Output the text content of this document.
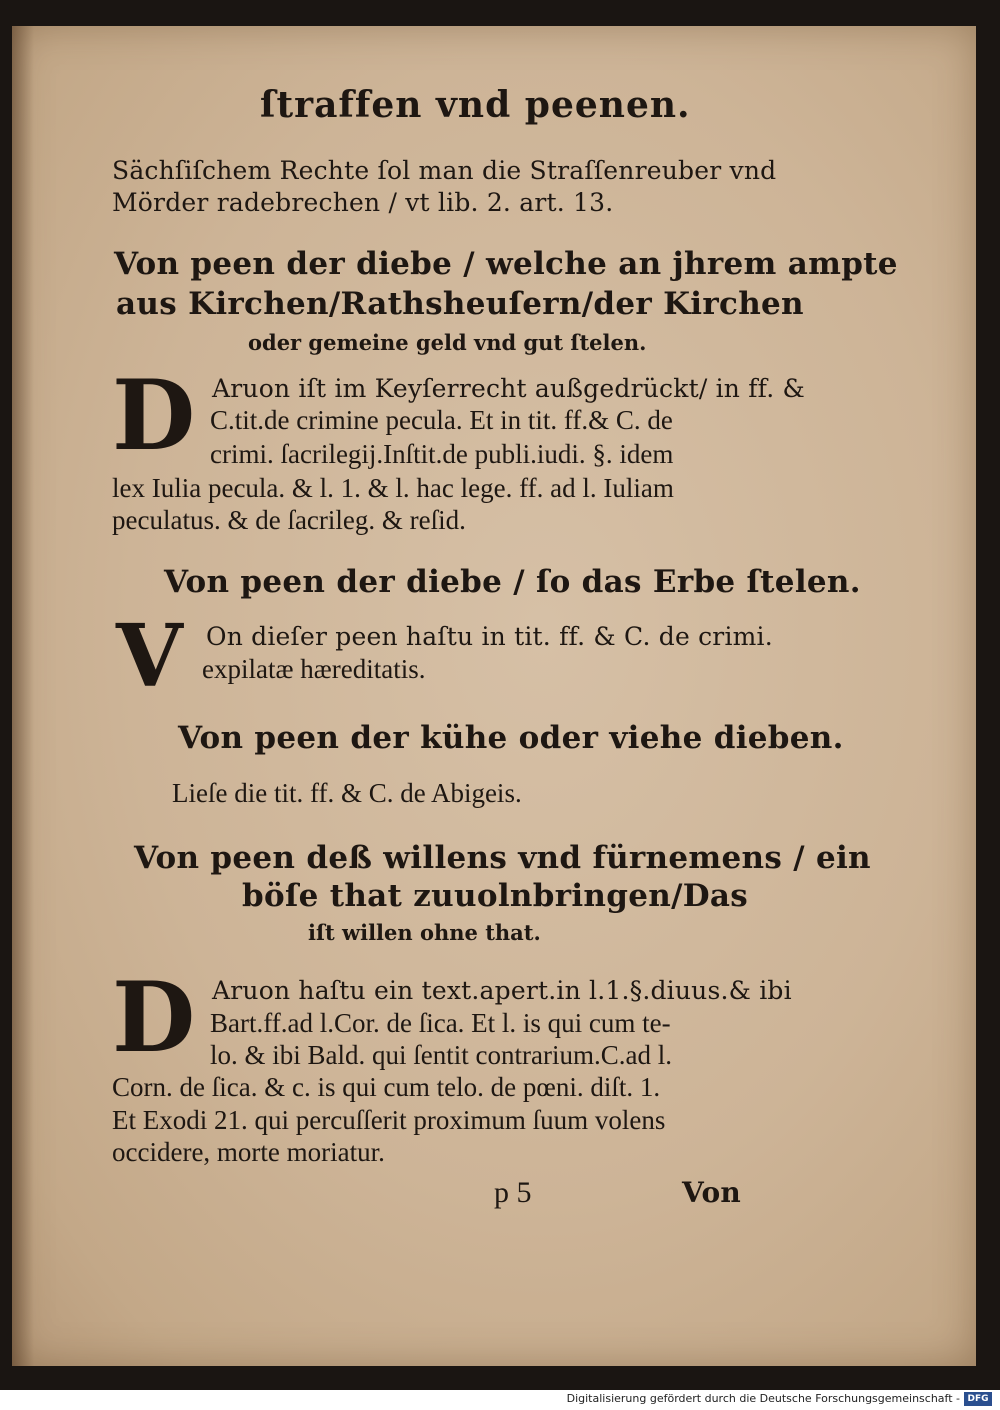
ſtraffen vnd peenen.
Sächſiſchem Rechte ſol man die Straſſenreuber vnd
Mörder radebrechen / vt lib. 2. art. 13.
Von peen der diebe / welche an jhrem ampte
aus Kirchen/Rathsheuſern/der Kirchen
oder gemeine geld vnd gut ſtelen.
D Aruon iſt im Keyſerrecht außgedrückt/ in ff. &
C.tit.de crimine pecula. Et in tit. ff.& C. de
crimi. ſacrilegij.Inſtit.de publi.iudi. §. idem
lex Iulia pecula. & l. 1. & l. hac lege. ff. ad l. Iuliam
peculatus. & de ſacrileg. & reſid.
Von peen der diebe / ſo das Erbe ſtelen.
V On dieſer peen haſtu in tit. ff. & C. de crimi.
expilatæ hæreditatis.
Von peen der kühe oder viehe dieben.
Lieſe die tit. ff. & C. de Abigeis.
Von peen deß willens vnd fürnemens / ein
böſe that zuuolnbringen/Das
iſt willen ohne that.
D Aruon haſtu ein text.apert.in l.1.§.diuus.& ibi
Bart.ff.ad l.Cor. de ſica. Et l. is qui cum te-
lo. & ibi Bald. qui ſentit contrarium.C.ad l.
Corn. de ſica. & c. is qui cum telo. de pœni. diſt. 1.
Et Exodi 21. qui percuſſerit proximum ſuum volens
occidere, morte moriatur.
p 5	Von
Digitalisierung gefördert durch die Deutsche Forschungsgemeinschaft - DFG
